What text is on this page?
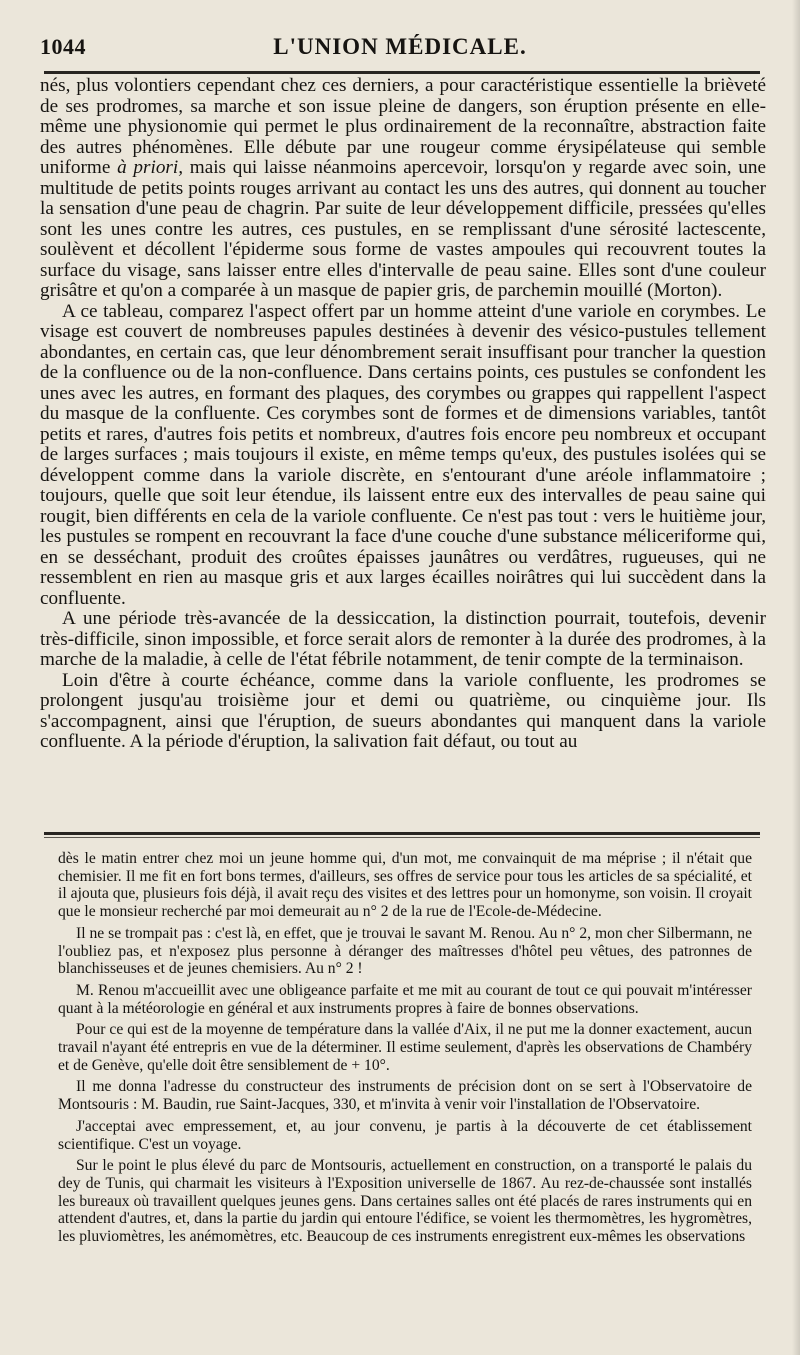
1044	L'UNION MÉDICALE.

nés, plus volontiers cependant chez ces derniers, a pour caractéristique essentielle la brièveté de ses prodromes, sa marche et son issue pleine de dangers, son éruption présente en elle-même une physionomie qui permet le plus ordinairement de la reconnaître, abstraction faite des autres phénomènes. Elle débute par une rougeur comme érysipélateuse qui semble uniforme à priori, mais qui laisse néanmoins apercevoir, lorsqu'on y regarde avec soin, une multitude de petits points rouges arrivant au contact les uns des autres, qui donnent au toucher la sensation d'une peau de chagrin. Par suite de leur développement difficile, pressées qu'elles sont les unes contre les autres, ces pustules, en se remplissant d'une sérosité lactescente, soulèvent et décollent l'épiderme sous forme de vastes ampoules qui recouvrent toutes la surface du visage, sans laisser entre elles d'intervalle de peau saine. Elles sont d'une couleur grisâtre et qu'on a comparée à un masque de papier gris, de parchemin mouillé (Morton).

A ce tableau, comparez l'aspect offert par un homme atteint d'une variole en corymbes. Le visage est couvert de nombreuses papules destinées à devenir des vésico-pustules tellement abondantes, en certain cas, que leur dénombrement serait insuffisant pour trancher la question de la confluence ou de la non-confluence. Dans certains points, ces pustules se confondent les unes avec les autres, en formant des plaques, des corymbes ou grappes qui rappellent l'aspect du masque de la confluente. Ces corymbes sont de formes et de dimensions variables, tantôt petits et rares, d'autres fois petits et nombreux, d'autres fois encore peu nombreux et occupant de larges surfaces ; mais toujours il existe, en même temps qu'eux, des pustules isolées qui se développent comme dans la variole discrète, en s'entourant d'une aréole inflammatoire ; toujours, quelle que soit leur étendue, ils laissent entre eux des intervalles de peau saine qui rougit, bien différents en cela de la variole confluente. Ce n'est pas tout : vers le huitième jour, les pustules se rompent en recouvrant la face d'une couche d'une substance méliceriforme qui, en se desséchant, produit des croûtes épaisses jaunâtres ou verdâtres, rugueuses, qui ne ressemblent en rien au masque gris et aux larges écailles noirâtres qui lui succèdent dans la confluente.

A une période très-avancée de la dessiccation, la distinction pourrait, toutefois, devenir très-difficile, sinon impossible, et force serait alors de remonter à la durée des prodromes, à la marche de la maladie, à celle de l'état fébrile notamment, de tenir compte de la terminaison.

Loin d'être à courte échéance, comme dans la variole confluente, les prodromes se prolongent jusqu'au troisième jour et demi ou quatrième, ou cinquième jour. Ils s'accompagnent, ainsi que l'éruption, de sueurs abondantes qui manquent dans la variole confluente. A la période d'éruption, la salivation fait défaut, ou tout au

dès le matin entrer chez moi un jeune homme qui, d'un mot, me convainquit de ma méprise ; il n'était que chemisier. Il me fit en fort bons termes, d'ailleurs, ses offres de service pour tous les articles de sa spécialité, et il ajouta que, plusieurs fois déjà, il avait reçu des visites et des lettres pour un homonyme, son voisin. Il croyait que le monsieur recherché par moi demeurait au n° 2 de la rue de l'Ecole-de-Médecine.

Il ne se trompait pas : c'est là, en effet, que je trouvai le savant M. Renou. Au n° 2, mon cher Silbermann, ne l'oubliez pas, et n'exposez plus personne à déranger des maîtresses d'hôtel peu vêtues, des patronnes de blanchisseuses et de jeunes chemisiers. Au n° 2 !

M. Renou m'accueillit avec une obligeance parfaite et me mit au courant de tout ce qui pouvait m'intéresser quant à la météorologie en général et aux instruments propres à faire de bonnes observations.

Pour ce qui est de la moyenne de température dans la vallée d'Aix, il ne put me la donner exactement, aucun travail n'ayant été entrepris en vue de la déterminer. Il estime seulement, d'après les observations de Chambéry et de Genève, qu'elle doit être sensiblement de + 10°.

Il me donna l'adresse du constructeur des instruments de précision dont on se sert à l'Observatoire de Montsouris : M. Baudin, rue Saint-Jacques, 330, et m'invita à venir voir l'installation de l'Observatoire.

J'acceptai avec empressement, et, au jour convenu, je partis à la découverte de cet établissement scientifique. C'est un voyage.

Sur le point le plus élevé du parc de Montsouris, actuellement en construction, on a transporté le palais du dey de Tunis, qui charmait les visiteurs à l'Exposition universelle de 1867. Au rez-de-chaussée sont installés les bureaux où travaillent quelques jeunes gens. Dans certaines salles ont été placés de rares instruments qui en attendent d'autres, et, dans la partie du jardin qui entoure l'édifice, se voient les thermomètres, les hygromètres, les pluviomètres, les anémomètres, etc. Beaucoup de ces instruments enregistrent eux-mêmes les observations
